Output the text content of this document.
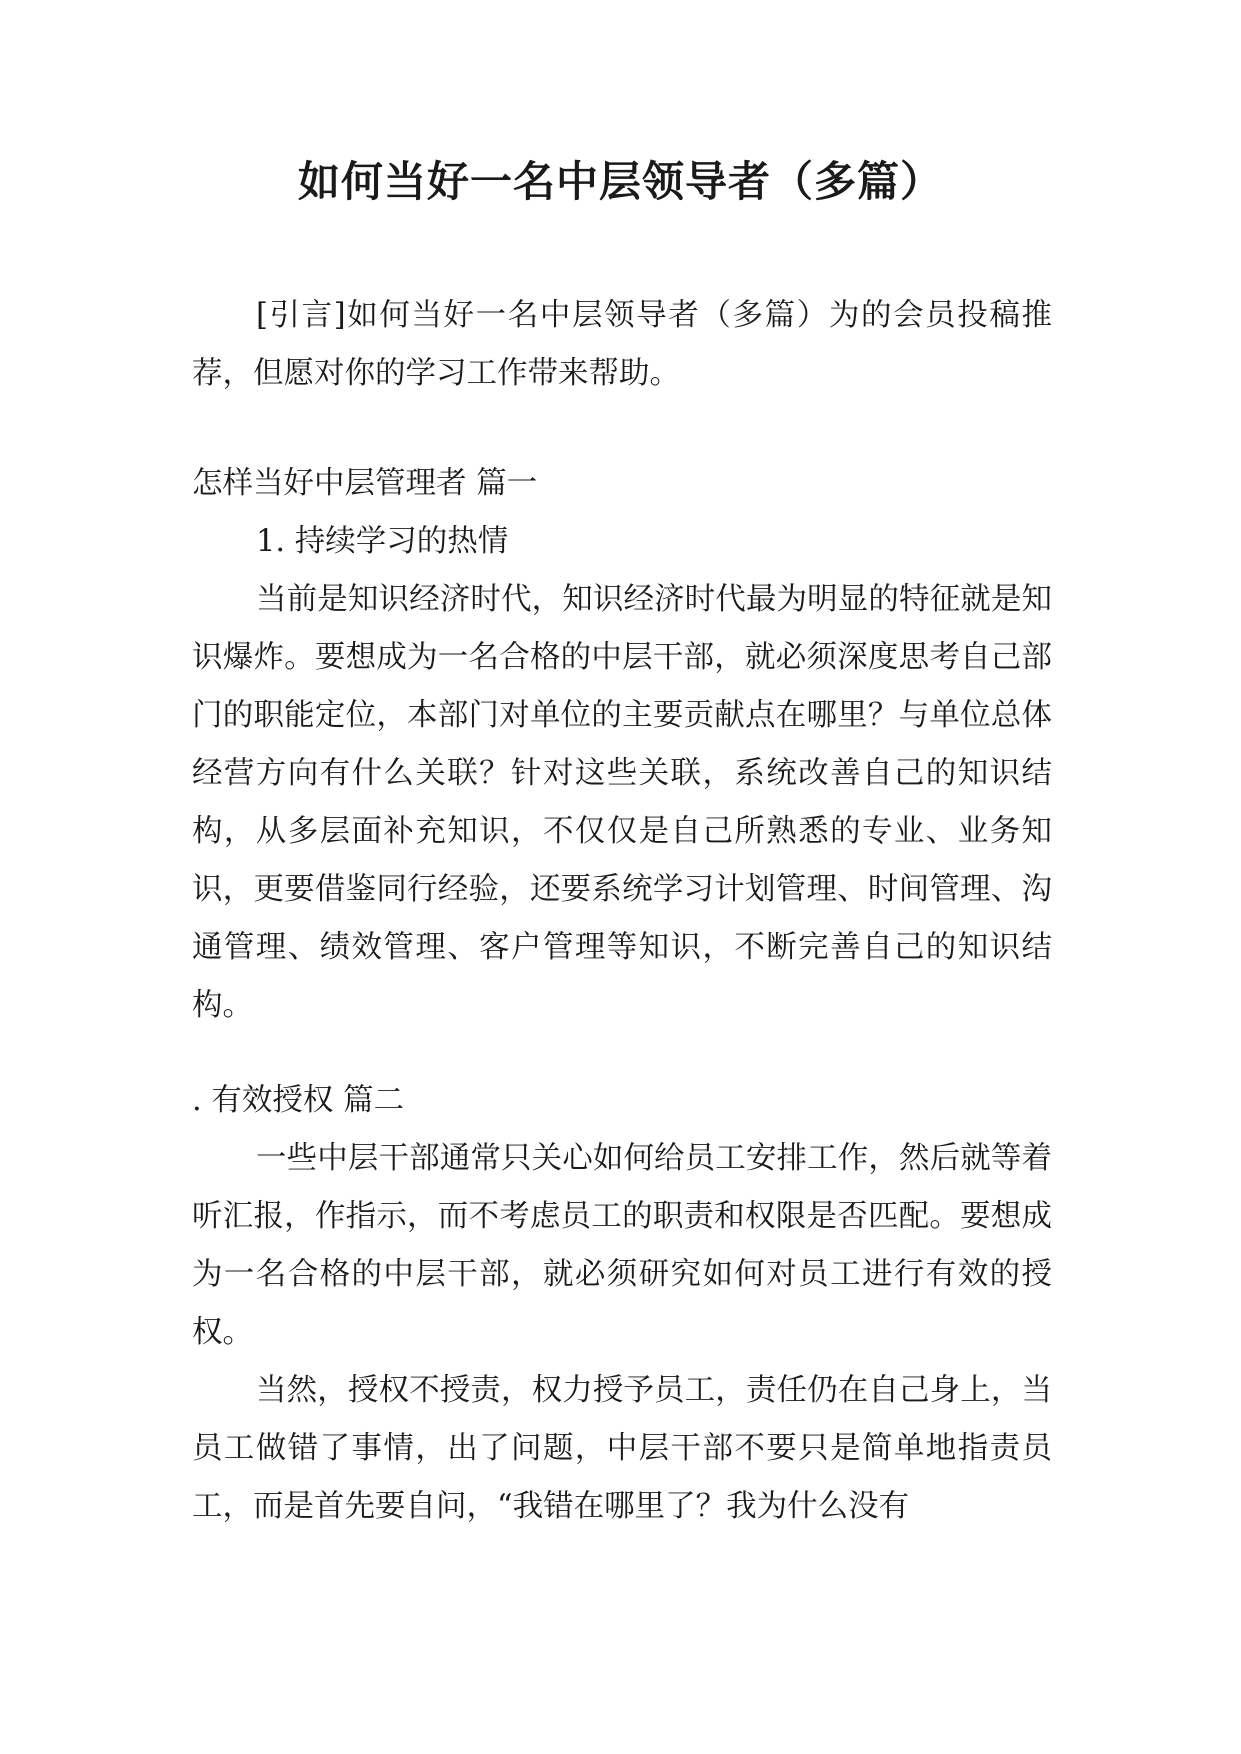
如何当好一名中层领导者（多篇）

[引言]如何当好一名中层领导者（多篇）为的会员投稿推荐，但愿对你的学习工作带来帮助。

怎样当好中层管理者 篇一

1. 持续学习的热情

当前是知识经济时代，知识经济时代最为明显的特征就是知识爆炸。要想成为一名合格的中层干部，就必须深度思考自己部门的职能定位，本部门对单位的主要贡献点在哪里？与单位总体经营方向有什么关联？针对这些关联，系统改善自己的知识结构，从多层面补充知识，不仅仅是自己所熟悉的专业、业务知识，更要借鉴同行经验，还要系统学习计划管理、时间管理、沟通管理、绩效管理、客户管理等知识，不断完善自己的知识结构。

. 有效授权 篇二

一些中层干部通常只关心如何给员工安排工作，然后就等着听汇报，作指示，而不考虑员工的职责和权限是否匹配。要想成为一名合格的中层干部，就必须研究如何对员工进行有效的授权。

当然，授权不授责，权力授予员工，责任仍在自己身上，当员工做错了事情，出了问题，中层干部不要只是简单地指责员工，而是首先要自问，“我错在哪里了？我为什么没有
